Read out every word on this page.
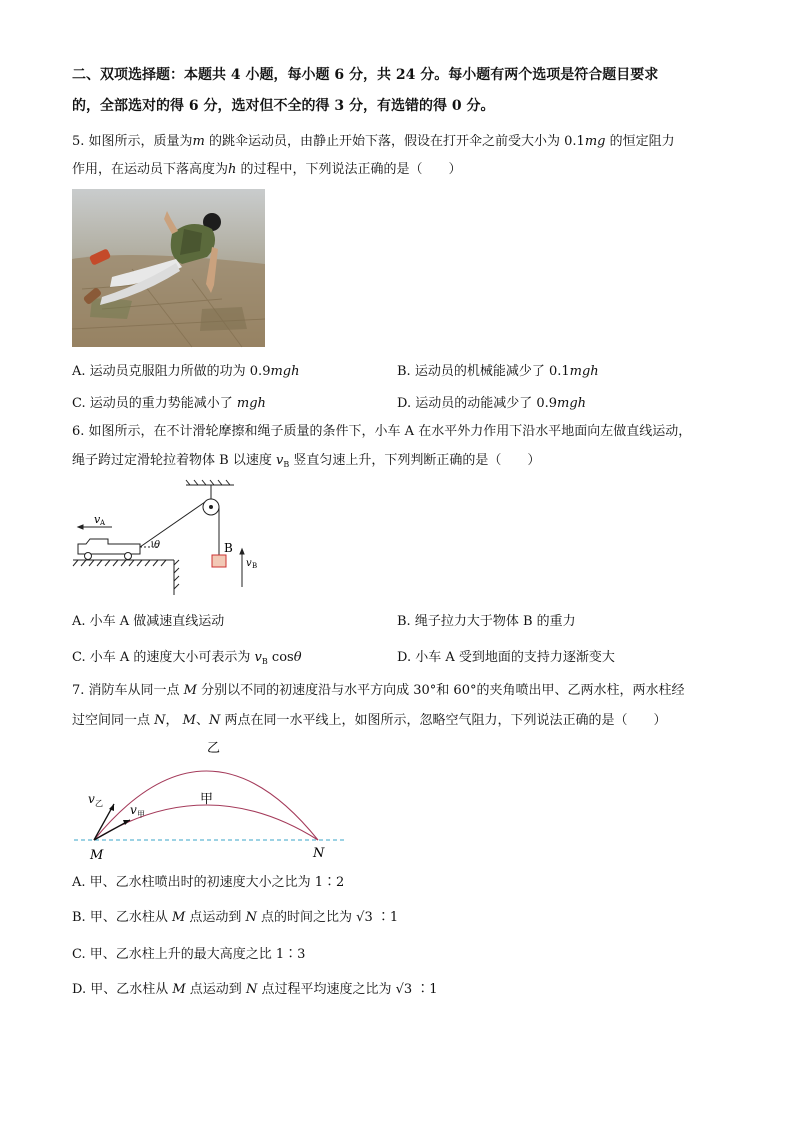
二、双项选择题：本题共 4 小题，每小题 6 分，共 24 分。每小题有两个选项是符合题目要求
的，全部选对的得 6 分，选对但不全的得 3 分，有选错的得 0 分。
5. 如图所示，质量为m 的跳伞运动员，由静止开始下落，假设在打开伞之前受大小为 0.1mg 的恒定阻力
作用，在运动员下落高度为h 的过程中，下列说法正确的是（　　）
A. 运动员克服阻力所做的功为 0.9mgh	B. 运动员的机械能减少了 0.1mgh
C. 运动员的重力势能减小了 mgh	D. 运动员的动能减少了 0.9mgh
6. 如图所示，在不计滑轮摩擦和绳子质量的条件下，小车 A 在水平外力作用下沿水平地面向左做直线运动，
绳子跨过定滑轮拉着物体 B 以速度 $v_B$ 竖直匀速上升，下列判断正确的是（　　）
v A
θ	B
v B
A. 小车 A 做减速直线运动	B. 绳子拉力大于物体 B 的重力
C. 小车 A 的速度大小可表示为 $v_B$ cosθ	D. 小车 A 受到地面的支持力逐渐变大
7. 消防车从同一点 M 分别以不同的初速度沿与水平方向成 30°和 60°的夹角喷出甲、乙两水柱，两水柱经
过空间同一点 N， M、N 两点在同一水平线上，如图所示，忽略空气阻力，下列说法正确的是（　　）
乙
甲
v 乙 v 甲
M	N
A. 甲、乙水柱喷出时的初速度大小之比为 1∶2
B. 甲、乙水柱从 M 点运动到 N 点的时间之比为 √3 ∶1
C. 甲、乙水柱上升的最大高度之比 1∶3
D. 甲、乙水柱从 M 点运动到 N 点过程平均速度之比为 √3 ∶1
